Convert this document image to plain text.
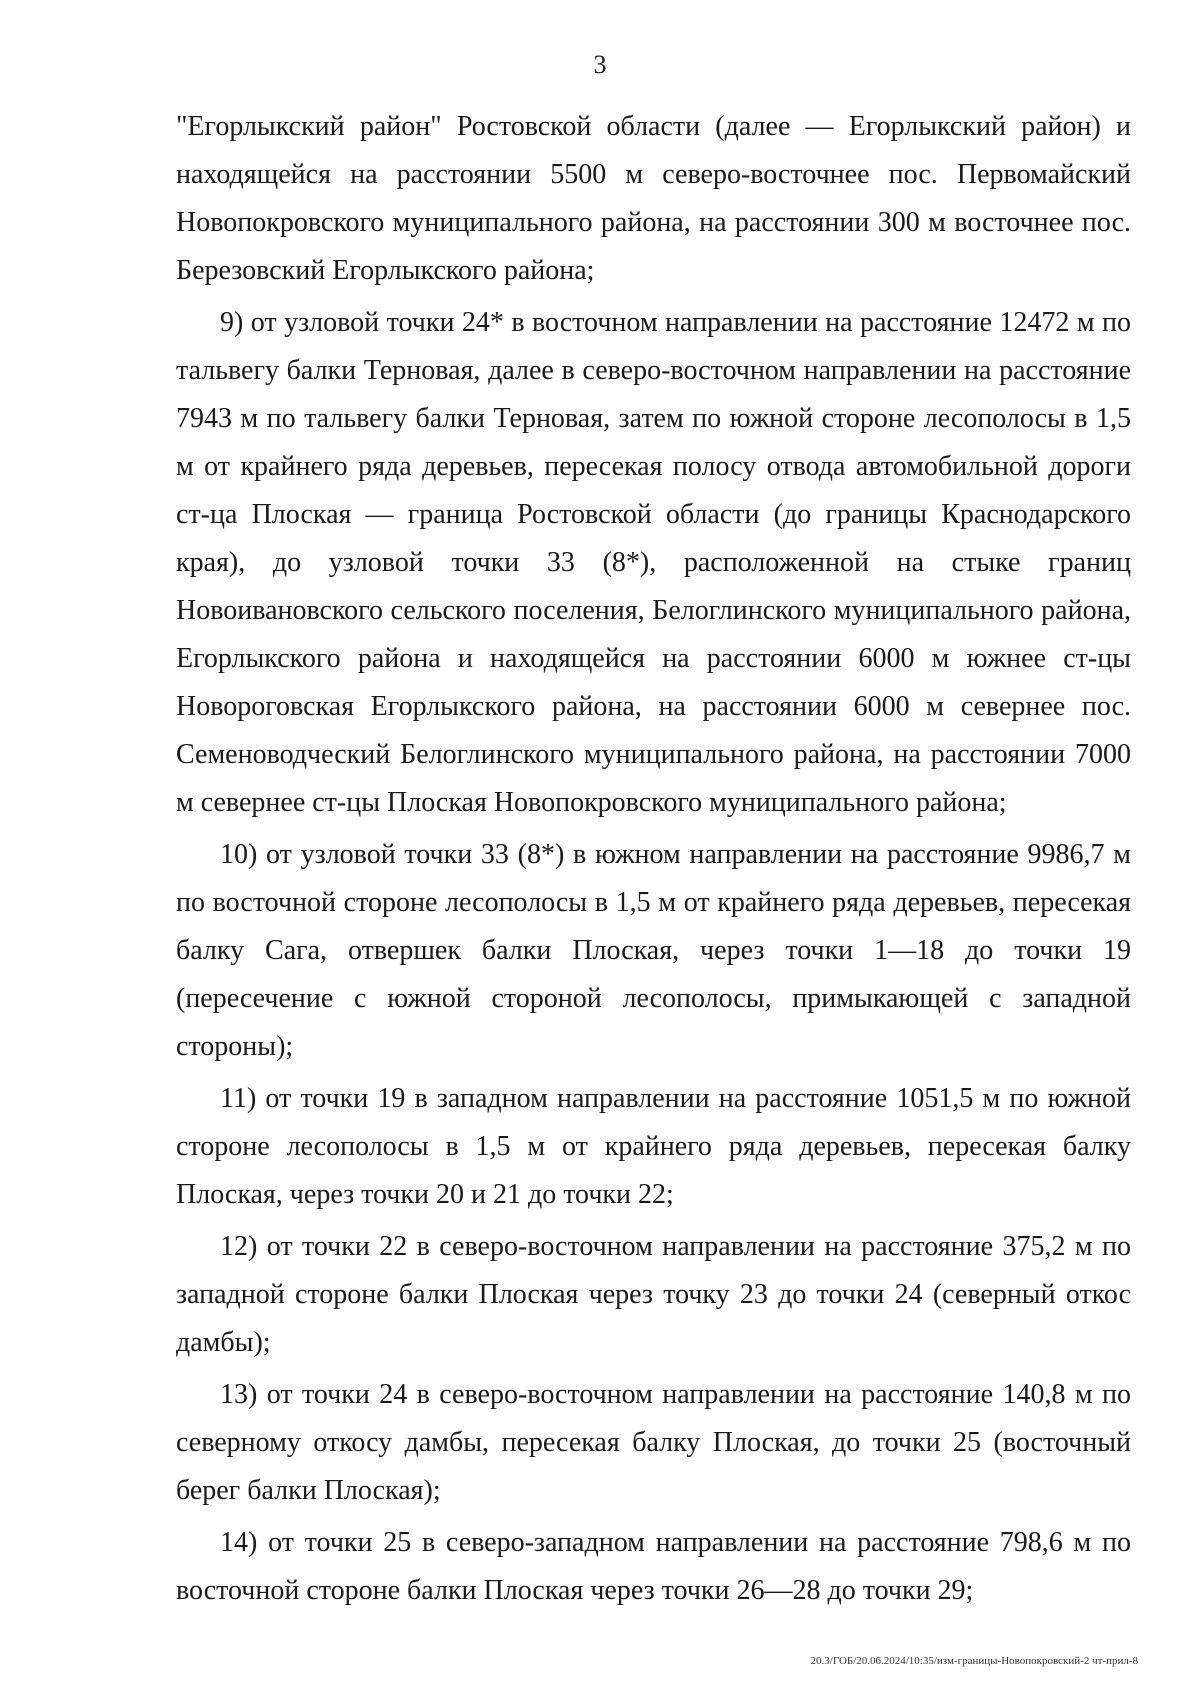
3

"Егорлыкский район" Ростовской области (далее — Егорлыкский район) и находящейся на расстоянии 5500 м северо-восточнее пос. Первомайский Новопокровского муниципального района, на расстоянии 300 м восточнее пос. Березовский Егорлыкского района;

9) от узловой точки 24* в восточном направлении на расстояние 12472 м по тальвегу балки Терновая, далее в северо-восточном направлении на расстояние 7943 м по тальвегу балки Терновая, затем по южной стороне лесополосы в 1,5 м от крайнего ряда деревьев, пересекая полосу отвода автомобильной дороги ст-ца Плоская — граница Ростовской области (до границы Краснодарского края), до узловой точки 33 (8*), расположенной на стыке границ Новоивановского сельского поселения, Белоглинского муниципального района, Егорлыкского района и находящейся на расстоянии 6000 м южнее ст-цы Новороговская Егорлыкского района, на расстоянии 6000 м севернее пос. Семеноводческий Белоглинского муниципального района, на расстоянии 7000 м севернее ст-цы Плоская Новопокровского муниципального района;

10) от узловой точки 33 (8*) в южном направлении на расстояние 9986,7 м по восточной стороне лесополосы в 1,5 м от крайнего ряда деревьев, пересекая балку Сага, отвершек балки Плоская, через точки 1—18 до точки 19 (пересечение с южной стороной лесополосы, примыкающей с западной стороны);

11) от точки 19 в западном направлении на расстояние 1051,5 м по южной стороне лесополосы в 1,5 м от крайнего ряда деревьев, пересекая балку Плоская, через точки 20 и 21 до точки 22;

12) от точки 22 в северо-восточном направлении на расстояние 375,2 м по западной стороне балки Плоская через точку 23 до точки 24 (северный откос дамбы);

13) от точки 24 в северо-восточном направлении на расстояние 140,8 м по северному откосу дамбы, пересекая балку Плоская, до точки 25 (восточный берег балки Плоская);

14) от точки 25 в северо-западном направлении на расстояние 798,6 м по восточной стороне балки Плоская через точки 26—28 до точки 29;

20.3/ГОБ/20.06.2024/10:35/изм-границы-Новопокровский-2 чт-прил-8
